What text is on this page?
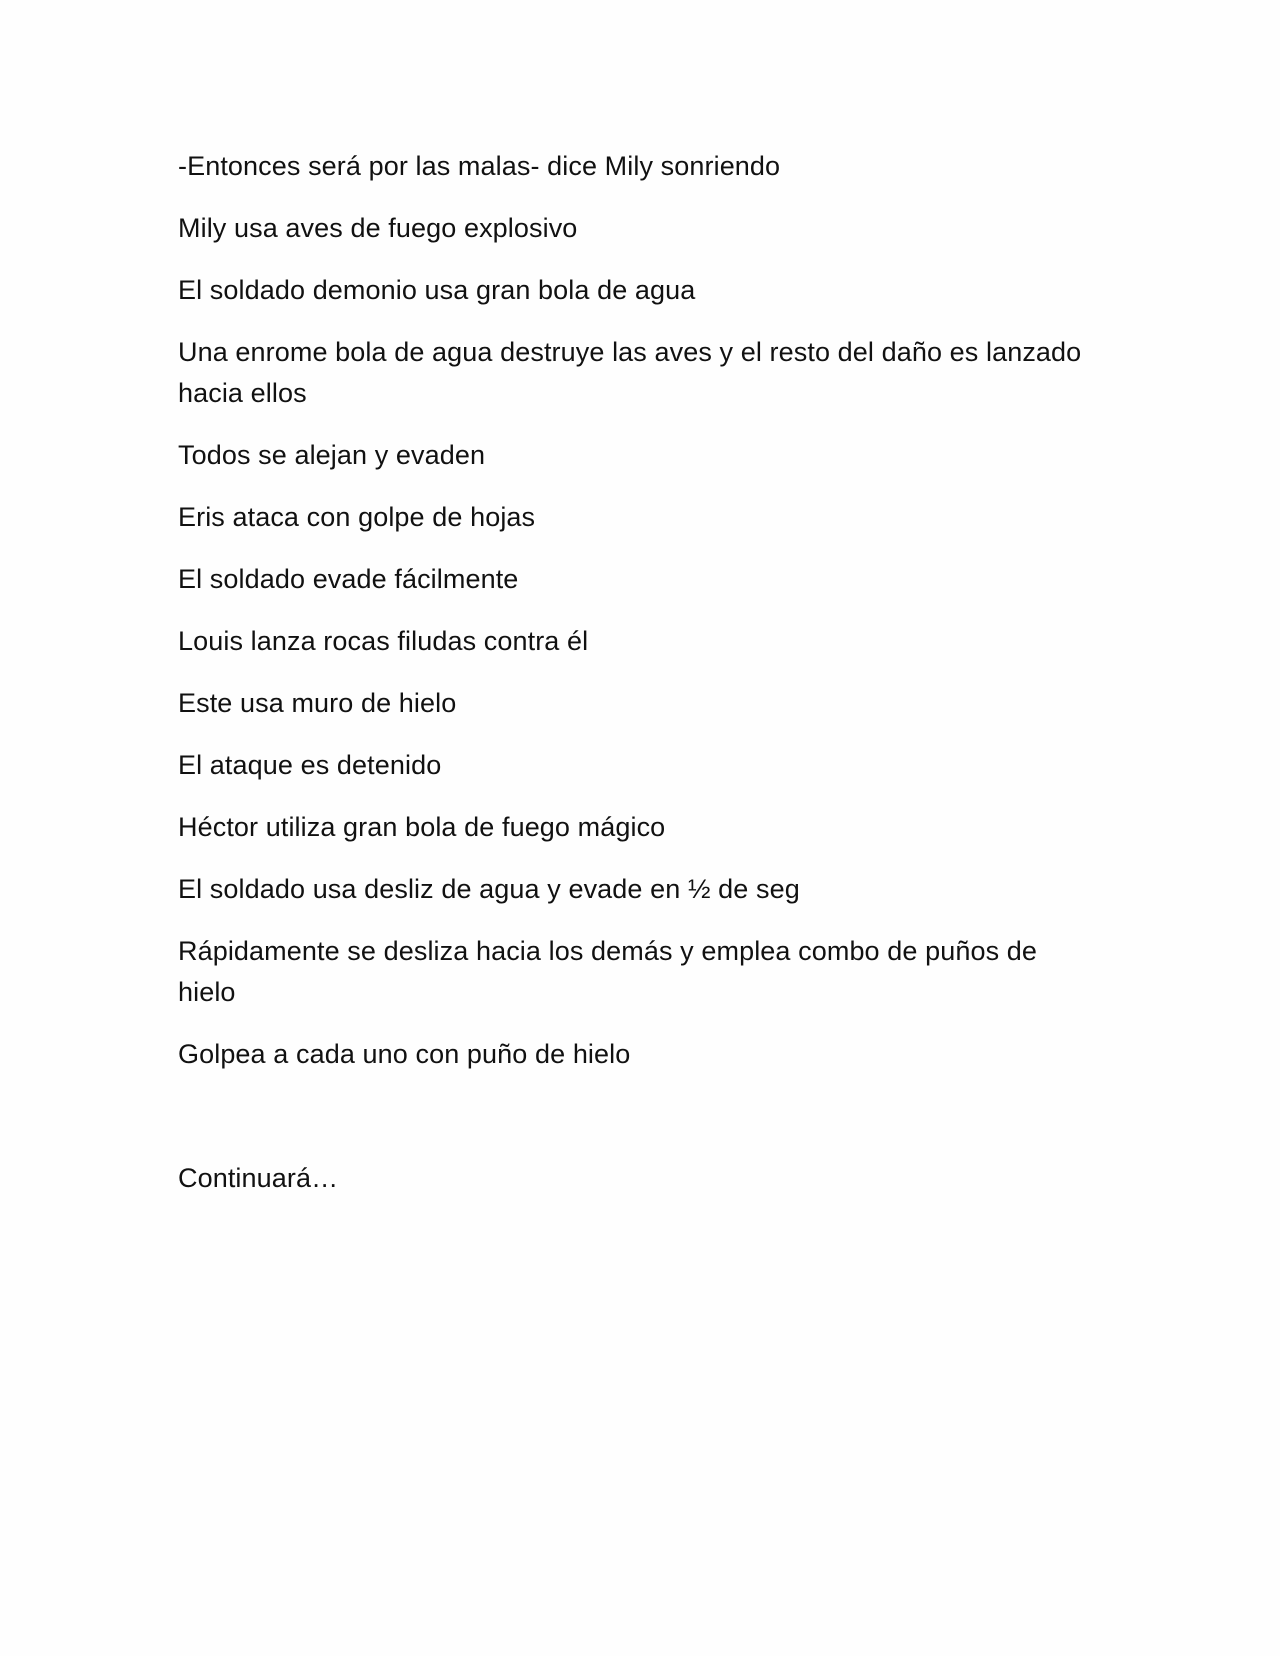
-Entonces será por las malas- dice Mily sonriendo

Mily usa aves de fuego explosivo

El soldado demonio usa gran bola de agua

Una enrome bola de agua destruye las aves y el resto del daño es lanzado hacia ellos

Todos se alejan y evaden

Eris ataca con golpe de hojas

El soldado evade fácilmente

Louis lanza rocas filudas contra él

Este usa muro de hielo

El ataque es detenido

Héctor utiliza gran bola de fuego mágico

El soldado usa desliz de agua y evade en ½ de seg

Rápidamente se desliza hacia los demás y emplea combo de puños de hielo

Golpea a cada uno con puño de hielo

Continuará…
